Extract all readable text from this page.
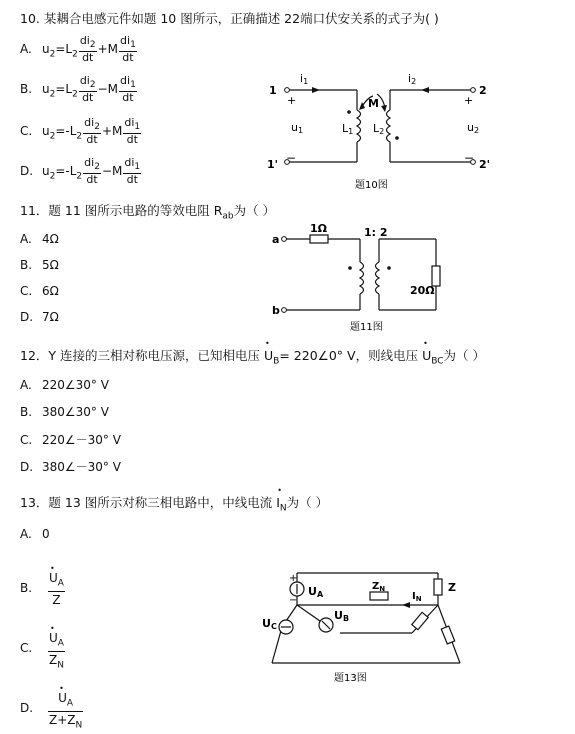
10. 某耦合电感元件如题 10 图所示，正确描述 22端口伏安关系的式子为( )
A. $u_2=L_2 \frac{di_2}{dt} +M \frac{di_1}{dt}$
B. $u_2=L_2 \frac{di_2}{dt} -M \frac{di_1}{dt}$
C. $u_2=-L_2 \frac{di_2}{dt} +M \frac{di_1}{dt}$
D. $u_2=-L_2 \frac{di_2}{dt} -M \frac{di_1}{dt}$
1
+
i1
u1
1' −
M
L1 L2
i2
2
+
u2
− 2'
题10图
11．题 11 图所示电路的等效电阻 $R_{ab}$为（ ）
A. 4Ω
B. 5Ω
C. 6Ω
D. 7Ω
a
b
1Ω	1: 2
20Ω
题11图
12．Y 连接的三相对称电压源，已知相电压 • $U_B=$ 220∠0° V，则线电压 • $U_{BC}$为（ ）
A. 220∠30° V
B. 380∠30° V
C. 220∠－30° V
D. 380∠－30° V
13．题 13 图所示对称三相电路中，中线电流 • $I_N$为（ ）
A. 0
B. • $\frac{U_A}{Z}$
C. • $\frac{U_A}{Z_N}$
D. • $\frac{U_A}{Z+Z_N}$
+
−
UA
$Z_N$
$I_N$
Z
UB
UC
题13图
